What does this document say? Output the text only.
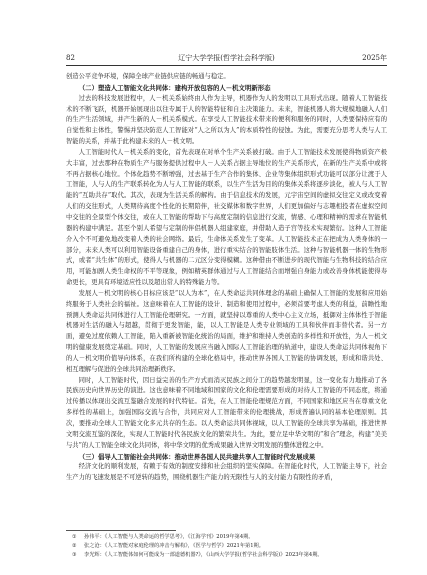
82	辽宁大学学报(哲学社会科学版)	2025年

创造公平竞争环境，保障全球产业链供应链的畅通与稳定。

（二）塑造人工智能文化共同体：建构开放包容的人－机文明新形态

过去的科技发展进程中，人－机关系始终由人作为主导，机器作为人的发明以工具形式出现。随着人工智能技术的不断飞跃，机器开始展现出以往专属于人的智能特征和自主决策能力。未来，智能机器人将大规模地融入人们的生产生活领域，并产生新的人－机关系模式。在享受人工智能技术带来的便利和服务的同时，人类要保持应有的自觉性和主体性，警惕并坚决防范人工智能对“人之所以为人”的本质特性的侵蚀。为此，需要充分思考人类与人工智能的关系，并基于此构建未来的人－机文明。

人工智能时代人－机关系的变化，首先表现在对单个生产关系被打破。由于人工智能技术发展使得物质资产极大丰富，过去那种在物质生产与服务提供过程中人－人关系占据主导地位的生产关系形式，在新的生产关系中或将不再占据核心地位。个体化趋势不断增强，过去基于生产合作的集体、企业等集体组织形式功能可以部分让渡于人工智能，人与人的生产联系转化为人与人工智能的联系，以生产生活为目的的集体关系将逐步淡化，被人与人工智能的“互助共存”取代。其次，表现为生活关系的解构。由于信息技术的发展，元宇宙空间的虚拟交往定义或改变着人们的交往形式，人类期待高度个性化的长期陪伴，社交媒体和数字世界，人们更加偏好与志趣相投者在虚拟空间中交往的全景型个体交往，或在人工智能的帮助下与高度定制的信息进行交流，情感、心理和精神的需求在智能机器的构建中满足。甚至个别人希望与定制的伴侣机器人组建家庭，并借助人造子宫等技术实现繁衍。这种人工智能介入个不可避免地改变着人类的社会网络。最后，生命体关系发生了变革。人工智能技术正在把成为人类身体的一部分，未来人类可以利用智能设备重建自己的身体，进行重实结合的智能肢体生活。这种与智能机器一体的生物形式，或者“共生体”的形式，使得人与机器的二元区分变得模糊。这种借由不断进步的现代智能与生物科技的结合应用，可能加剧人类生命权的不平等现象，例如精英群体通过与人工智能结合而增强自身能力或改善身体机能使得寿命更长，更具有环境适应性以及超出常人的特殊能力等。

发展人－机文明的核心目标应该是“以人为本”，在人类命运共同体理念的基础上确保人工智能的发展和应用始终服务于人类社会的福祉。这意味着在人工智能的设计、制造和使用过程中，必须首要考虑人类的利益，前瞻性地预测人类命运共同体进行人工智能伦理研究。一方面，就坚持以尊重的人类中心主义立场，抵御对主体体性于智能机器对生活的融入与超越，贯彻于更发智能，能，以人工智能是人类专业领域的工具和伙伴而非替代者。另一方面，避免过度依赖人工智能，陷入重新被智能化统治的局面，维护和维持人类创造的多样性和开放性，为人－机文明的健康发展奠定基础。同时，人工智能的发展应当融入国际人工智能治理的轨道中，建设人类命运共同体视角下的人－机文明价值导向体系，在我们所构建的全球化格局中，推动世界各国人工智能的协调发展，形成和谐共处、相互理解与促进的全球共同治理新秩序。

同时，人工智能时代，因日益完善的生产方式而消灭民族之间分工的趋势越发明显，这一变化有力地推动了各民族历史向世界历史的演进。这也意味着不同地域和国家的文化和伦理需要形成的对待人工智能的不同态度，将通过传播以体现出交流互鉴融合发展的时代特征。首先，在人工智能伦理规范方面，不同国家和地区应当在尊重文化多样性的基础上，加强国际交流与合作，共同应对人工智能带来的伦理挑战，形成普遍认同的基本伦理原则。其次，要推动全球人工智能文化多元共存的生态。以人类命运共同体视域，以人工智能的全球共享为基础，推进世界文明交流互鉴的深化，实现人工智能时代各民族文化的繁荣共生。为此，要立足中华文明的“和合”理念，构建“美美与共”的人工智能全球文化共同体，将中华文明的优秀成果融入世界文明发展的整体进程之中。

（三）倡导人工智能社会共同体：推动世界各国人民共建共享人工智能时代发展成果

经济文化的顺利发展，有赖于有效的制度安排和社会组织的坚实保障。在智能化时代，人工智能主导下，社会生产力的飞速发展是不可逆转的趋势，围绕机器生产能力的无限性与人的支付能力有限性的矛盾，

① 孙伟平：《人工智能与人类命运的哲学思考》，《江海学刊》2019年第4期。
② 张之沧：《人工智能对家庭伦理的冲击与解构》，《医学与哲学》2021年第1期。
③ 李光辉：《人工智能体如何可能成为一部道德机器?》，《山西大学学报(哲学社会科学版)》2023年第4期。
